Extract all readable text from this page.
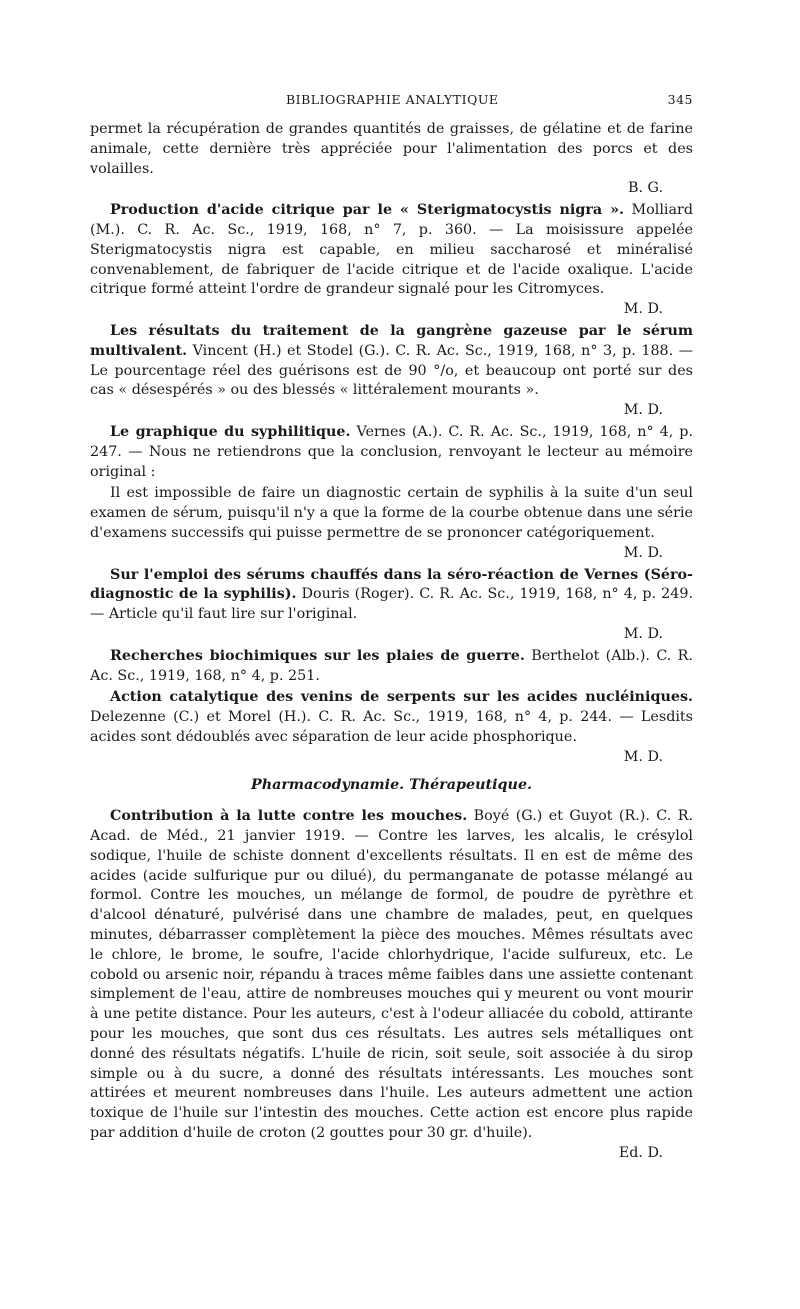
BIBLIOGRAPHIE ANALYTIQUE	345

permet la récupération de grandes quantités de graisses, de gélatine et de farine animale, cette dernière très appréciée pour l'alimentation des porcs et des volailles.
B. G.

Production d'acide citrique par le « Sterigmatocystis nigra ». Molliard (M.). C. R. Ac. Sc., 1919, 168, n° 7, p. 360. — La moisissure appelée Sterigmatocystis nigra est capable, en milieu saccharosé et minéralisé convenablement, de fabriquer de l'acide citrique et de l'acide oxalique. L'acide citrique formé atteint l'ordre de grandeur signalé pour les Citromyces.
M. D.

Les résultats du traitement de la gangrène gazeuse par le sérum multivalent. Vincent (H.) et Stodel (G.). C. R. Ac. Sc., 1919, 168, n° 3, p. 188. — Le pourcentage réel des guérisons est de 90 °/o, et beaucoup ont porté sur des cas « désespérés » ou des blessés « littéralement mourants ».
M. D.

Le graphique du syphilitique. Vernes (A.). C. R. Ac. Sc., 1919, 168, n° 4, p. 247. — Nous ne retiendrons que la conclusion, renvoyant le lecteur au mémoire original :

Il est impossible de faire un diagnostic certain de syphilis à la suite d'un seul examen de sérum, puisqu'il n'y a que la forme de la courbe obtenue dans une série d'examens successifs qui puisse permettre de se prononcer catégoriquement.
M. D.

Sur l'emploi des sérums chauffés dans la séro-réaction de Vernes (Séro-diagnostic de la syphilis). Douris (Roger). C. R. Ac. Sc., 1919, 168, n° 4, p. 249. — Article qu'il faut lire sur l'original.
M. D.

Recherches biochimiques sur les plaies de guerre. Berthelot (Alb.). C. R. Ac. Sc., 1919, 168, n° 4, p. 251.

Action catalytique des venins de serpents sur les acides nucléiniques. Delezenne (C.) et Morel (H.). C. R. Ac. Sc., 1919, 168, n° 4, p. 244. — Lesdits acides sont dédoublés avec séparation de leur acide phosphorique.
M. D.

Pharmacodynamie. Thérapeutique.

Contribution à la lutte contre les mouches. Boyé (G.) et Guyot (R.). C. R. Acad. de Méd., 21 janvier 1919. — Contre les larves, les alcalis, le crésylol sodique, l'huile de schiste donnent d'excellents résultats. Il en est de même des acides (acide sulfurique pur ou dilué), du permanganate de potasse mélangé au formol. Contre les mouches, un mélange de formol, de poudre de pyrèthre et d'alcool dénaturé, pulvérisé dans une chambre de malades, peut, en quelques minutes, débarrasser complètement la pièce des mouches. Mêmes résultats avec le chlore, le brome, le soufre, l'acide chlorhydrique, l'acide sulfureux, etc. Le cobold ou arsenic noir, répandu à traces même faibles dans une assiette contenant simplement de l'eau, attire de nombreuses mouches qui y meurent ou vont mourir à une petite distance. Pour les auteurs, c'est à l'odeur alliacée du cobold, attirante pour les mouches, que sont dus ces résultats. Les autres sels métalliques ont donné des résultats négatifs. L'huile de ricin, soit seule, soit associée à du sirop simple ou à du sucre, a donné des résultats intéressants. Les mouches sont attirées et meurent nombreuses dans l'huile. Les auteurs admettent une action toxique de l'huile sur l'intestin des mouches. Cette action est encore plus rapide par addition d'huile de croton (2 gouttes pour 30 gr. d'huile).
Ed. D.
